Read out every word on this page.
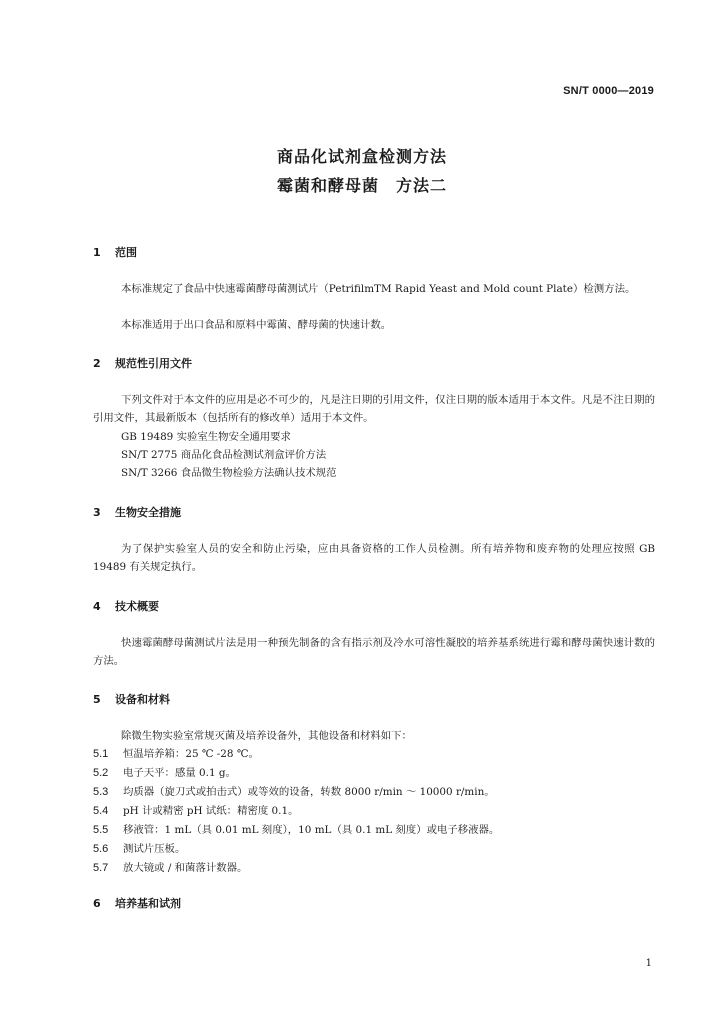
SN/T 0000—2019
商品化试剂盒检测方法
霉菌和酵母菌　方法二
1 范围

本标准规定了食品中快速霉菌酵母菌测试片（PetrifilmTM Rapid Yeast and Mold count Plate）检测方法。

本标准适用于出口食品和原料中霉菌、酵母菌的快速计数。

2 规范性引用文件

下列文件对于本文件的应用是必不可少的，凡是注日期的引用文件，仅注日期的版本适用于本文件。凡是不注日期的引用文件，其最新版本（包括所有的修改单）适用于本文件。

GB 19489 实验室生物安全通用要求
SN/T 2775 商品化食品检测试剂盒评价方法
SN/T 3266 食品微生物检验方法确认技术规范
3 生物安全措施

为了保护实验室人员的安全和防止污染，应由具备资格的工作人员检测。所有培养物和废弃物的处理应按照 GB 19489 有关规定执行。

4 技术概要

快速霉菌酵母菌测试片法是用一种预先制备的含有指示剂及冷水可溶性凝胶的培养基系统进行霉和酵母菌快速计数的方法。

5 设备和材料
除微生物实验室常规灭菌及培养设备外，其他设备和材料如下：
5.1 恒温培养箱：25 ℃ -28 ℃。
5.2 电子天平：感量 0.1 g。
5.3 均质器（旋刀式或拍击式）或等效的设备，转数 8000 r/min ～ 10000 r/min。
5.4 pH 计或精密 pH 试纸：精密度 0.1。
5.5 移液管：1 mL（具 0.01 mL 刻度），10 mL（具 0.1 mL 刻度）或电子移液器。
5.6 测试片压板。
5.7 放大镜或 / 和菌落计数器。
6 培养基和试剂
1
